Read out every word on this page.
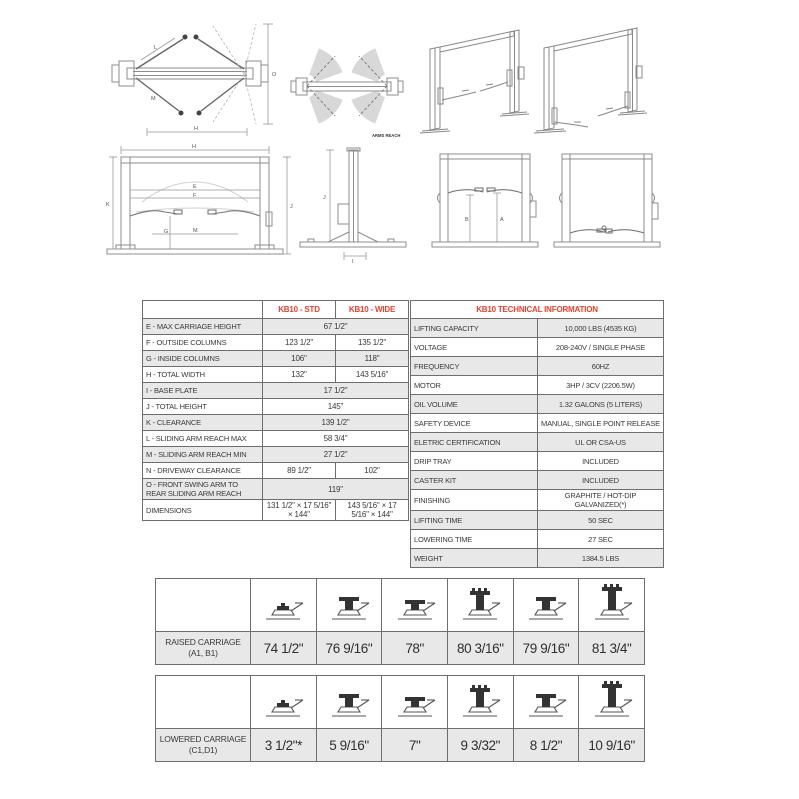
L
M
O
H
ARMS REACH
H
K	J
E
F
G	M
J
I
B	A
	KB10 - STD	KB10 - WIDE
E - MAX CARRIAGE HEIGHT	67 1/2"	
F - OUTSIDE COLUMNS	123 1/2"	135 1/2"
G - INSIDE COLUMNS	106"	118"
H - TOTAL WIDTH	132"	143 5/16"
I - BASE PLATE	17 1/2"	
J - TOTAL HEIGHT	145"	
K - CLEARANCE	139 1/2"	
L - SLIDING ARM REACH MAX	58 3/4"	
M - SLIDING ARM REACH MIN	27 1/2"	
N - DRIVEWAY CLEARANCE	89 1/2"	102"
O - FRONT SWING ARM TO REAR SLIDING ARM REACH	119"	
DIMENSIONS	131 1/2" × 17 5/16" × 144"	143 5/16" × 17 5/16" × 144"
KB10 TECHNICAL INFORMATION	
LIFTING CAPACITY	10,000 LBS (4535 KG)
VOLTAGE	208-240V / SINGLE PHASE
FREQUENCY	60HZ
MOTOR	3HP / 3CV (2206.5W)
OIL VOLUME	1.32 GALONS (5 LITERS)
SAFETY DEVICE	MANUAL, SINGLE POINT RELEASE
ELETRIC CERTIFICATION	UL OR CSA-US
DRIP TRAY	INCLUDED
CASTER KIT	INCLUDED
FINISHING	GRAPHITE / HOT-DIP GALVANIZED(*)
LIFITING TIME	50 SEC
LOWERING TIME	27 SEC
WEIGHT	1384.5 LBS

RAISED CARRIAGE
(A1, B1)	74 1/2"	76 9/16"	78"	80 3/16"	79 9/16"	81 3/4"

LOWERED CARRIAGE
(C1,D1)	3 1/2"*	5 9/16"	7"	9 3/32"	8 1/2"	10 9/16"
